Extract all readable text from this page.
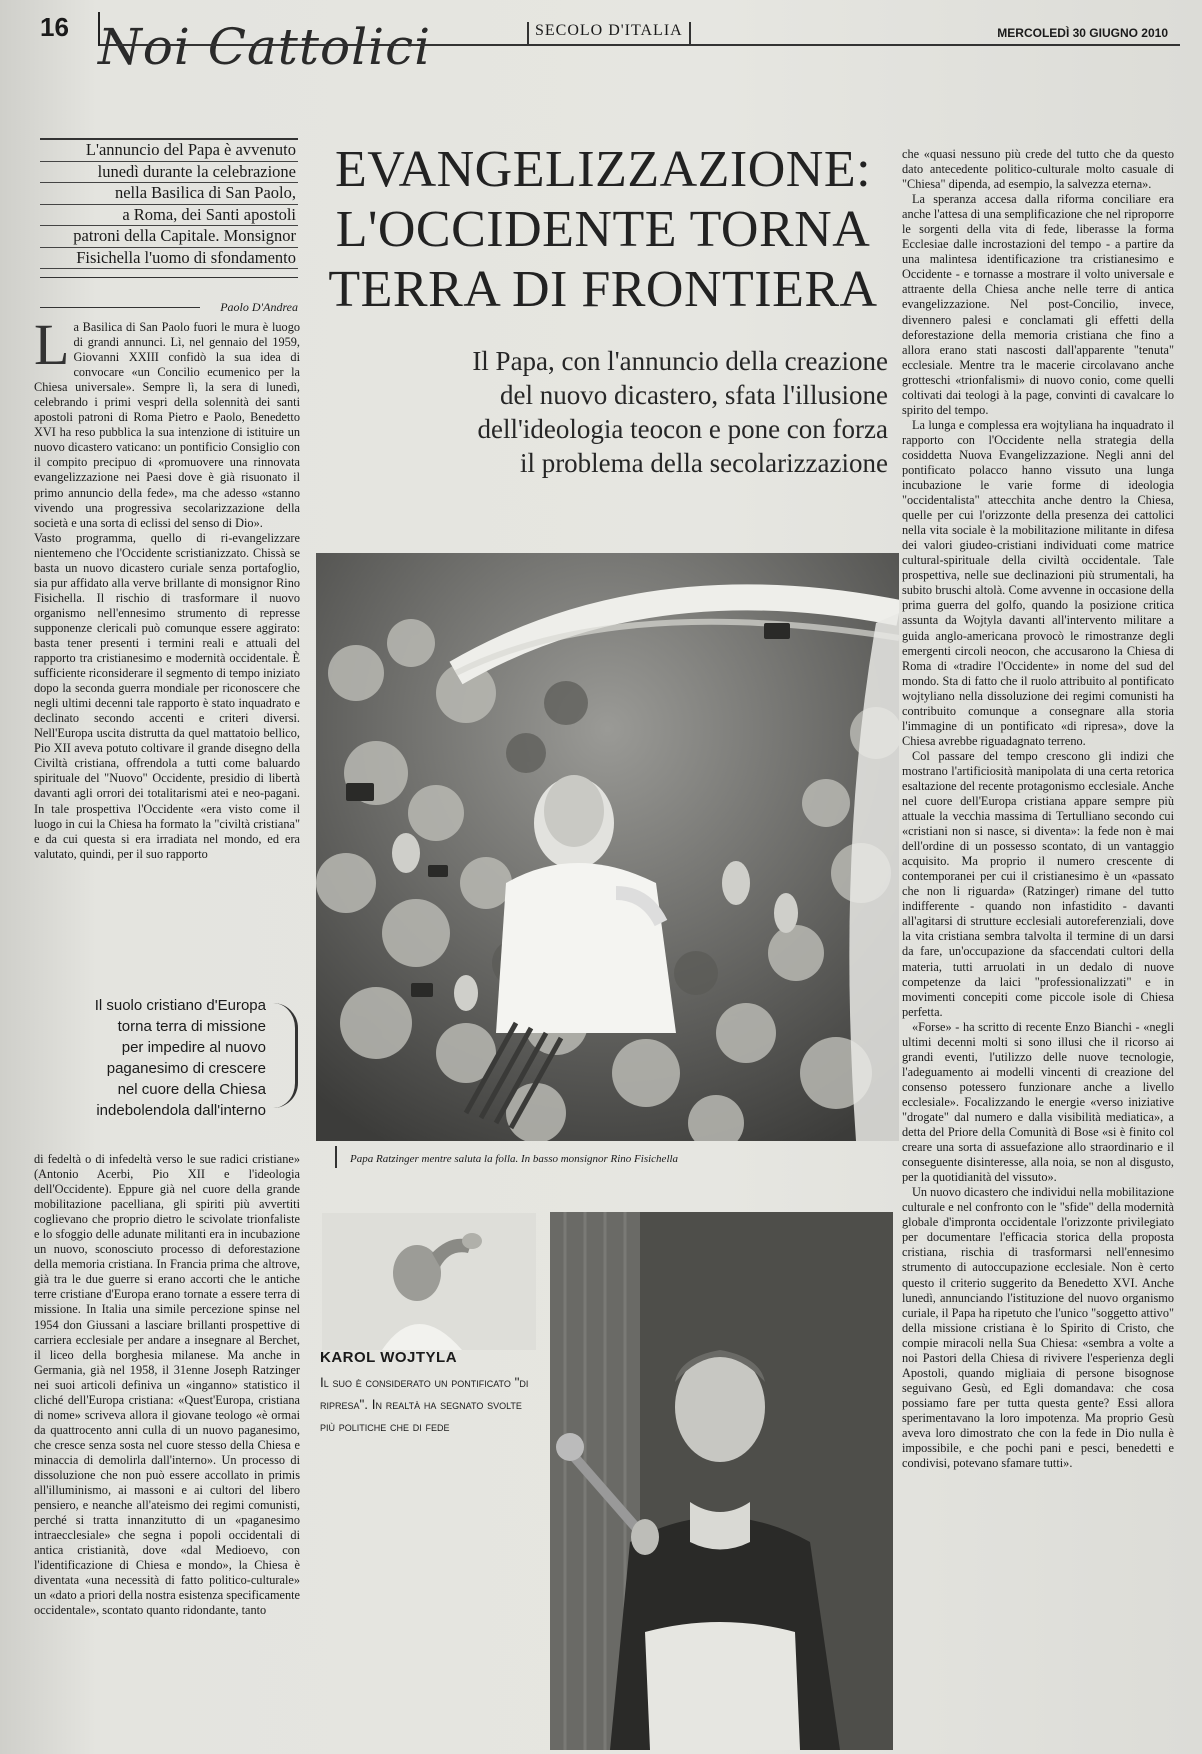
16 Noi Cattolici	SECOLO D'ITALIA	MERCOLEDÌ 30 GIUGNO 2010
L'annuncio del Papa è avvenuto
lunedì durante la celebrazione
nella Basilica di San Paolo,
a Roma, dei Santi apostoli
patroni della Capitale. Monsignor
Fisichella l'uomo di sfondamento
Paolo D'Andrea
L a Basilica di San Paolo fuori le mura è luogo di grandi annunci. Lì, nel gennaio del 1959, Giovanni XXIII confidò la sua idea di convocare «un Concilio ecumenico per la Chiesa universale». Sempre lì, la sera di lunedì, celebrando i primi vespri della solennità dei santi apostoli patroni di Roma Pietro e Paolo, Benedetto XVI ha reso pubblica la sua intenzione di istituire un nuovo dicastero vaticano: un pontificio Consiglio con il compito precipuo di «promuovere una rinnovata evangelizzazione nei Paesi dove è già risuonato il primo annuncio della fede», ma che adesso «stanno vivendo una progressiva secolarizzazione della società e una sorta di eclissi del senso di Dio».

Vasto programma, quello di ri-evangelizzare nientemeno che l'Occidente scristianizzato. Chissà se basta un nuovo dicastero curiale senza portafoglio, sia pur affidato alla verve brillante di monsignor Rino Fisichella. Il rischio di trasformare il nuovo organismo nell'ennesimo strumento di represse supponenze clericali può comunque essere aggirato: basta tener presenti i termini reali e attuali del rapporto tra cristianesimo e modernità occidentale. È sufficiente riconsiderare il segmento di tempo iniziato dopo la seconda guerra mondiale per riconoscere che negli ultimi decenni tale rapporto è stato inquadrato e declinato secondo accenti e criteri diversi. Nell'Europa uscita distrutta da quel mattatoio bellico, Pio XII aveva potuto coltivare il grande disegno della Civiltà cristiana, offrendola a tutti come baluardo spirituale del "Nuovo" Occidente, presidio di libertà davanti agli orrori dei totalitarismi atei e neo-pagani. In tale prospettiva l'Occidente «era visto come il luogo in cui la Chiesa ha formato la "civiltà cristiana" e da cui questa si era irradiata nel mondo, ed era valutato, quindi, per il suo rapporto

Il suolo cristiano d'Europa
torna terra di missione
per impedire al nuovo
paganesimo di crescere
nel cuore della Chiesa
indebolendola dall'interno

di fedeltà o di infedeltà verso le sue radici cristiane» (Antonio Acerbi, Pio XII e l'ideologia dell'Occidente). Eppure già nel cuore della grande mobilitazione pacelliana, gli spiriti più avvertiti coglievano che proprio dietro le scivolate trionfaliste e lo sfoggio delle adunate militanti era in incubazione un nuovo, sconosciuto processo di deforestazione della memoria cristiana. In Francia prima che altrove, già tra le due guerre si erano accorti che le antiche terre cristiane d'Europa erano tornate a essere terra di missione. In Italia una simile percezione spinse nel 1954 don Giussani a lasciare brillanti prospettive di carriera ecclesiale per andare a insegnare al Berchet, il liceo della borghesia milanese. Ma anche in Germania, già nel 1958, il 31enne Joseph Ratzinger nei suoi articoli definiva un «inganno» statistico il cliché dell'Europa cristiana: «Quest'Europa, cristiana di nome» scriveva allora il giovane teologo «è ormai da quattrocento anni culla di un nuovo paganesimo, che cresce senza sosta nel cuore stesso della Chiesa e minaccia di demolirla dall'interno». Un processo di dissoluzione che non può essere accollato in primis all'illuminismo, ai massoni e ai cultori del libero pensiero, e neanche all'ateismo dei regimi comunisti, perché si tratta innanzitutto di un «paganesimo intraecclesiale» che segna i popoli occidentali di antica cristianità, dove «dal Medioevo, con l'identificazione di Chiesa e mondo», la Chiesa è diventata «una necessità di fatto politico-culturale» un «dato a priori della nostra esistenza specificamente occidentale», scontato quanto ridondante, tanto

EVANGELIZZAZIONE:
L'OCCIDENTE TORNA
TERRA DI FRONTIERA
Il Papa, con l'annuncio della creazione
del nuovo dicastero, sfata l'illusione
dell'ideologia teocon e pone con forza
il problema della secolarizzazione
Papa Ratzinger mentre saluta la folla. In basso monsignor Rino Fisichella
KAROL WOJTYLA
Il suo è considerato un pontificato "di ripresa". In realtà ha segnato svolte più politiche che di fede

che «quasi nessuno più crede del tutto che da questo dato antecedente politico-culturale molto casuale di "Chiesa" dipenda, ad esempio, la salvezza eterna».

La speranza accesa dalla riforma conciliare era anche l'attesa di una semplificazione che nel riproporre le sorgenti della vita di fede, liberasse la forma Ecclesiae dalle incrostazioni del tempo - a partire da una malintesa identificazione tra cristianesimo e Occidente - e tornasse a mostrare il volto universale e attraente della Chiesa anche nelle terre di antica evangelizzazione. Nel post-Concilio, invece, divennero palesi e conclamati gli effetti della deforestazione della memoria cristiana che fino a allora erano stati nascosti dall'apparente "tenuta" ecclesiale. Mentre tra le macerie circolavano anche grotteschi «trionfalismi» di nuovo conio, come quelli coltivati dai teologi à la page, convinti di cavalcare lo spirito del tempo.

La lunga e complessa era wojtyliana ha inquadrato il rapporto con l'Occidente nella strategia della cosiddetta Nuova Evangelizzazione. Negli anni del pontificato polacco hanno vissuto una lunga incubazione le varie forme di ideologia "occidentalista" attecchita anche dentro la Chiesa, quelle per cui l'orizzonte della presenza dei cattolici nella vita sociale è la mobilitazione militante in difesa dei valori giudeo-cristiani individuati come matrice cultural-spirituale della civiltà occidentale. Tale prospettiva, nelle sue declinazioni più strumentali, ha subito bruschi altolà. Come avvenne in occasione della prima guerra del golfo, quando la posizione critica assunta da Wojtyla davanti all'intervento militare a guida anglo-americana provocò le rimostranze degli emergenti circoli neocon, che accusarono la Chiesa di Roma di «tradire l'Occidente» in nome del sud del mondo. Sta di fatto che il ruolo attribuito al pontificato wojtyliano nella dissoluzione dei regimi comunisti ha contribuito comunque a consegnare alla storia l'immagine di un pontificato «di ripresa», dove la Chiesa avrebbe riguadagnato terreno.

Col passare del tempo crescono gli indizi che mostrano l'artificiosità manipolata di una certa retorica esaltazione del recente protagonismo ecclesiale. Anche nel cuore dell'Europa cristiana appare sempre più attuale la vecchia massima di Tertulliano secondo cui «cristiani non si nasce, si diventa»: la fede non è mai dell'ordine di un possesso scontato, di un vantaggio acquisito. Ma proprio il numero crescente di contemporanei per cui il cristianesimo è un «passato che non li riguarda» (Ratzinger) rimane del tutto indifferente - quando non infastidito - davanti all'agitarsi di strutture ecclesiali autoreferenziali, dove la vita cristiana sembra talvolta il termine di un darsi da fare, un'occupazione da sfaccendati cultori della materia, tutti arruolati in un dedalo di nuove competenze da laici "professionalizzati" e in movimenti concepiti come piccole isole di Chiesa perfetta.

«Forse» - ha scritto di recente Enzo Bianchi - «negli ultimi decenni molti si sono illusi che il ricorso ai grandi eventi, l'utilizzo delle nuove tecnologie, l'adeguamento ai modelli vincenti di creazione del consenso potessero funzionare anche a livello ecclesiale». Focalizzando le energie «verso iniziative "drogate" dal numero e dalla visibilità mediatica», a detta del Priore della Comunità di Bose «si è finito col creare una sorta di assuefazione allo straordinario e il conseguente disinteresse, alla noia, se non al disgusto, per la quotidianità del vissuto».

Un nuovo dicastero che individui nella mobilitazione culturale e nel confronto con le "sfide" della modernità globale d'impronta occidentale l'orizzonte privilegiato per documentare l'efficacia storica della proposta cristiana, rischia di trasformarsi nell'ennesimo strumento di autoccupazione ecclesiale. Non è certo questo il criterio suggerito da Benedetto XVI. Anche lunedì, annunciando l'istituzione del nuovo organismo curiale, il Papa ha ripetuto che l'unico "soggetto attivo" della missione cristiana è lo Spirito di Cristo, che compie miracoli nella Sua Chiesa: «sembra a volte a noi Pastori della Chiesa di rivivere l'esperienza degli Apostoli, quando migliaia di persone bisognose seguivano Gesù, ed Egli domandava: che cosa possiamo fare per tutta questa gente? Essi allora sperimentavano la loro impotenza. Ma proprio Gesù aveva loro dimostrato che con la fede in Dio nulla è impossibile, e che pochi pani e pesci, benedetti e condivisi, potevano sfamare tutti».
